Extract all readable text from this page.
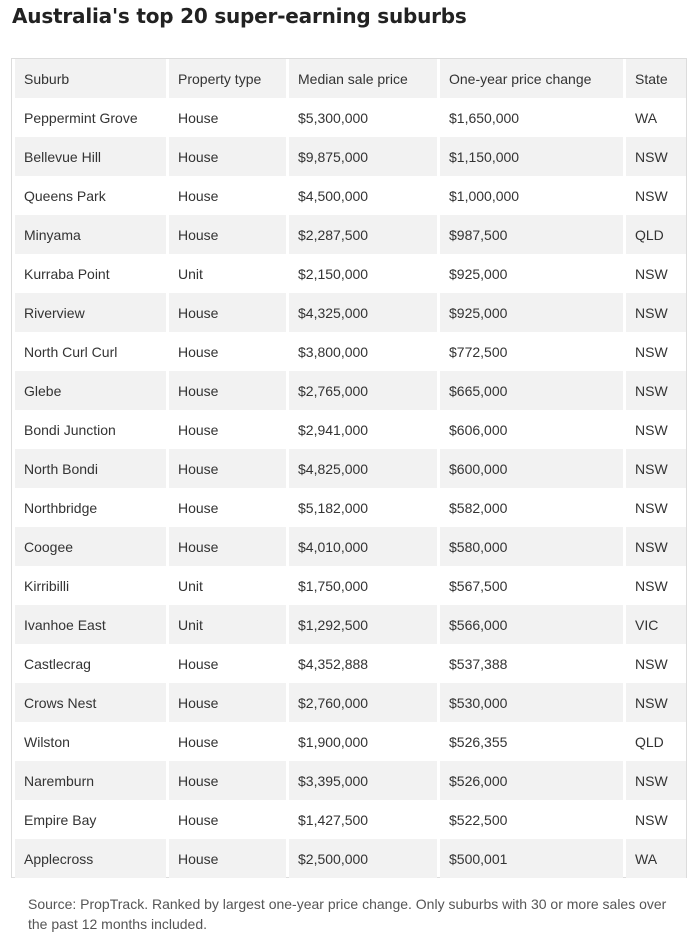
Australia's top 20 super-earning suburbs
Suburb	Property type	Median sale price	One-year price change	State
Peppermint Grove	House	$5,300,000	$1,650,000	WA
Bellevue Hill	House	$9,875,000	$1,150,000	NSW
Queens Park	House	$4,500,000	$1,000,000	NSW
Minyama	House	$2,287,500	$987,500	QLD
Kurraba Point	Unit	$2,150,000	$925,000	NSW
Riverview	House	$4,325,000	$925,000	NSW
North Curl Curl	House	$3,800,000	$772,500	NSW
Glebe	House	$2,765,000	$665,000	NSW
Bondi Junction	House	$2,941,000	$606,000	NSW
North Bondi	House	$4,825,000	$600,000	NSW
Northbridge	House	$5,182,000	$582,000	NSW
Coogee	House	$4,010,000	$580,000	NSW
Kirribilli	Unit	$1,750,000	$567,500	NSW
Ivanhoe East	Unit	$1,292,500	$566,000	VIC
Castlecrag	House	$4,352,888	$537,388	NSW
Crows Nest	House	$2,760,000	$530,000	NSW
Wilston	House	$1,900,000	$526,355	QLD
Naremburn	House	$3,395,000	$526,000	NSW
Empire Bay	House	$1,427,500	$522,500	NSW
Applecross	House	$2,500,000	$500,001	WA

Source: PropTrack. Ranked by largest one-year price change. Only suburbs with 30 or more sales over the past 12 months included.
